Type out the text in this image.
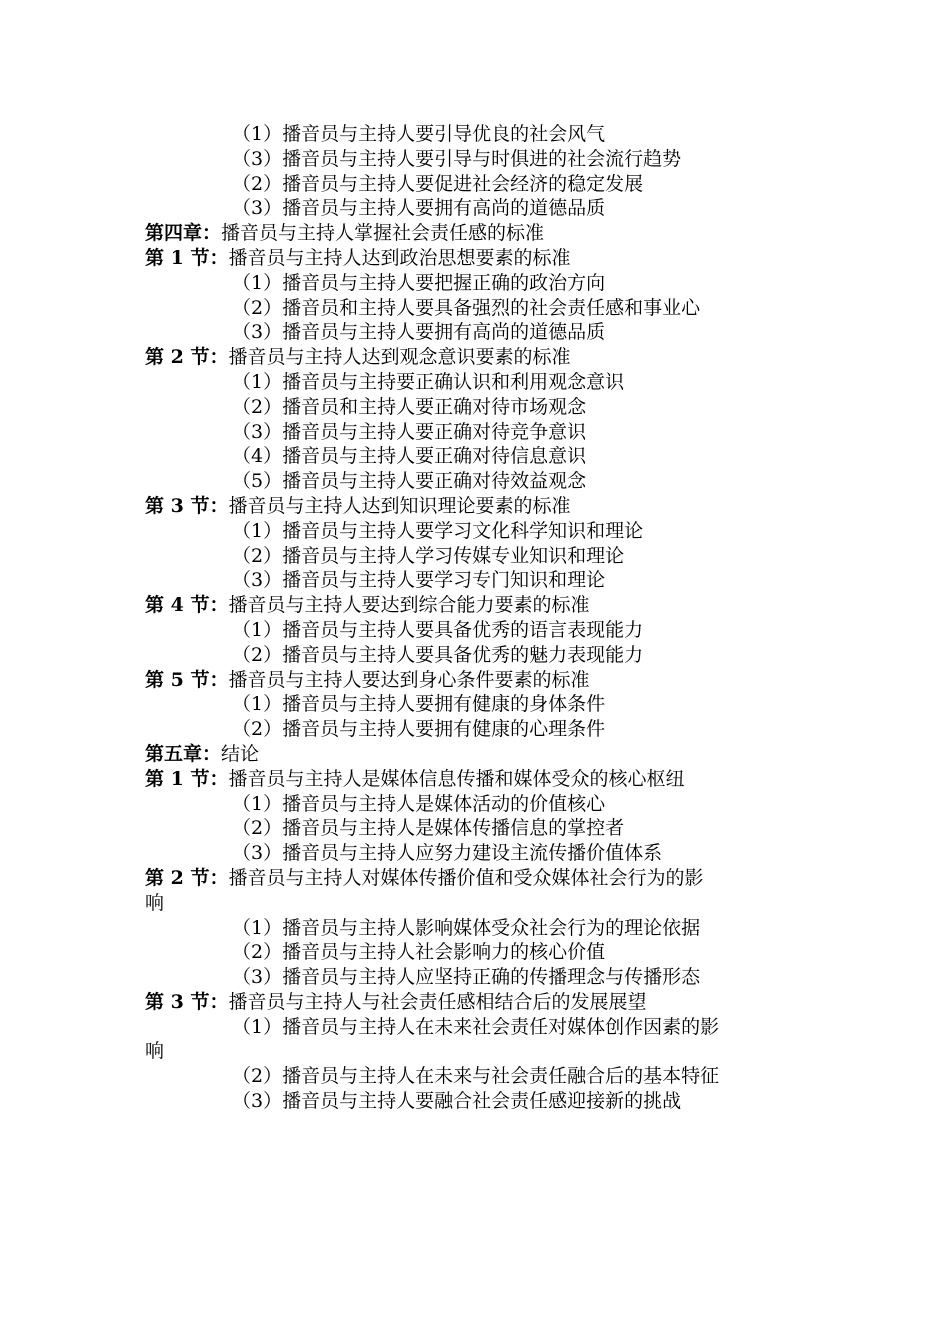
（1）播音员与主持人要引导优良的社会风气
（3）播音员与主持人要引导与时俱进的社会流行趋势
（2）播音员与主持人要促进社会经济的稳定发展
（3）播音员与主持人要拥有高尚的道德品质
第四章：播音员与主持人掌握社会责任感的标准
第 1 节：播音员与主持人达到政治思想要素的标准
（1）播音员与主持人要把握正确的政治方向
（2）播音员和主持人要具备强烈的社会责任感和事业心
（3）播音员与主持人要拥有高尚的道德品质
第 2 节：播音员与主持人达到观念意识要素的标准
（1）播音员与主持要正确认识和利用观念意识
（2）播音员和主持人要正确对待市场观念
（3）播音员与主持人要正确对待竞争意识
（4）播音员与主持人要正确对待信息意识
（5）播音员与主持人要正确对待效益观念
第 3 节：播音员与主持人达到知识理论要素的标准
（1）播音员与主持人要学习文化科学知识和理论
（2）播音员与主持人学习传媒专业知识和理论
（3）播音员与主持人要学习专门知识和理论
第 4 节：播音员与主持人要达到综合能力要素的标准
（1）播音员与主持人要具备优秀的语言表现能力
（2）播音员与主持人要具备优秀的魅力表现能力
第 5 节：播音员与主持人要达到身心条件要素的标准
（1）播音员与主持人要拥有健康的身体条件
（2）播音员与主持人要拥有健康的心理条件
第五章：结论
第 1 节：播音员与主持人是媒体信息传播和媒体受众的核心枢纽
（1）播音员与主持人是媒体活动的价值核心
（2）播音员与主持人是媒体传播信息的掌控者
（3）播音员与主持人应努力建设主流传播价值体系
第 2 节：播音员与主持人对媒体传播价值和受众媒体社会行为的影
响
（1）播音员与主持人影响媒体受众社会行为的理论依据
（2）播音员与主持人社会影响力的核心价值
（3）播音员与主持人应坚持正确的传播理念与传播形态
第 3 节：播音员与主持人与社会责任感相结合后的发展展望
（1）播音员与主持人在未来社会责任对媒体创作因素的影
响
（2）播音员与主持人在未来与社会责任融合后的基本特征
（3）播音员与主持人要融合社会责任感迎接新的挑战
